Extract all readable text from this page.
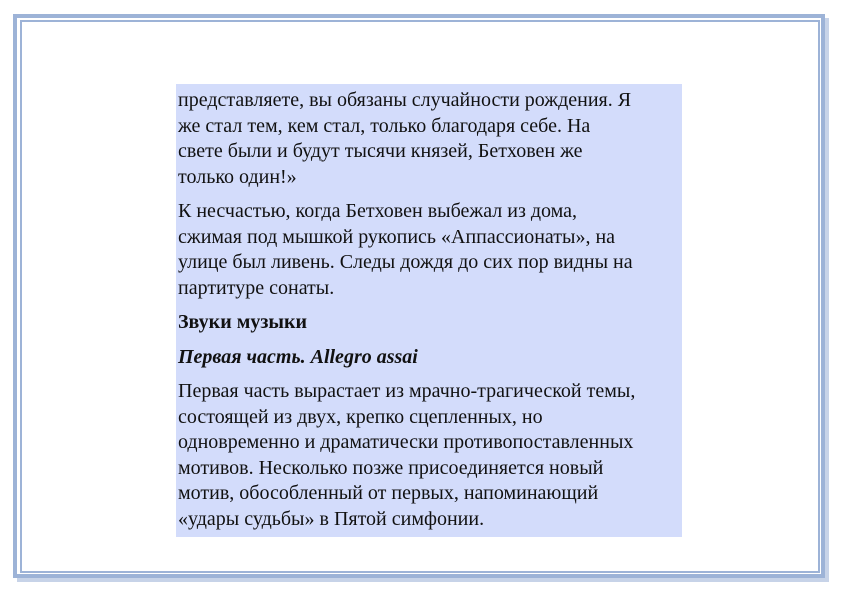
представляете, вы обязаны случайности рождения. Я
же стал тем, кем стал, только благодаря себе. На
свете были и будут тысячи князей, Бетховен же
только один!»

К несчастью, когда Бетховен выбежал из дома,
сжимая под мышкой рукопись «Аппассионаты», на
улице был ливень. Следы дождя до сих пор видны на
партитуре сонаты.

Звуки музыки

Первая часть. Allegro assai

Первая часть вырастает из мрачно-трагической темы,
состоящей из двух, крепко сцепленных, но
одновременно и драматически противопоставленных
мотивов. Несколько позже присоединяется новый
мотив, обособленный от первых, напоминающий
«удары судьбы» в Пятой симфонии.
